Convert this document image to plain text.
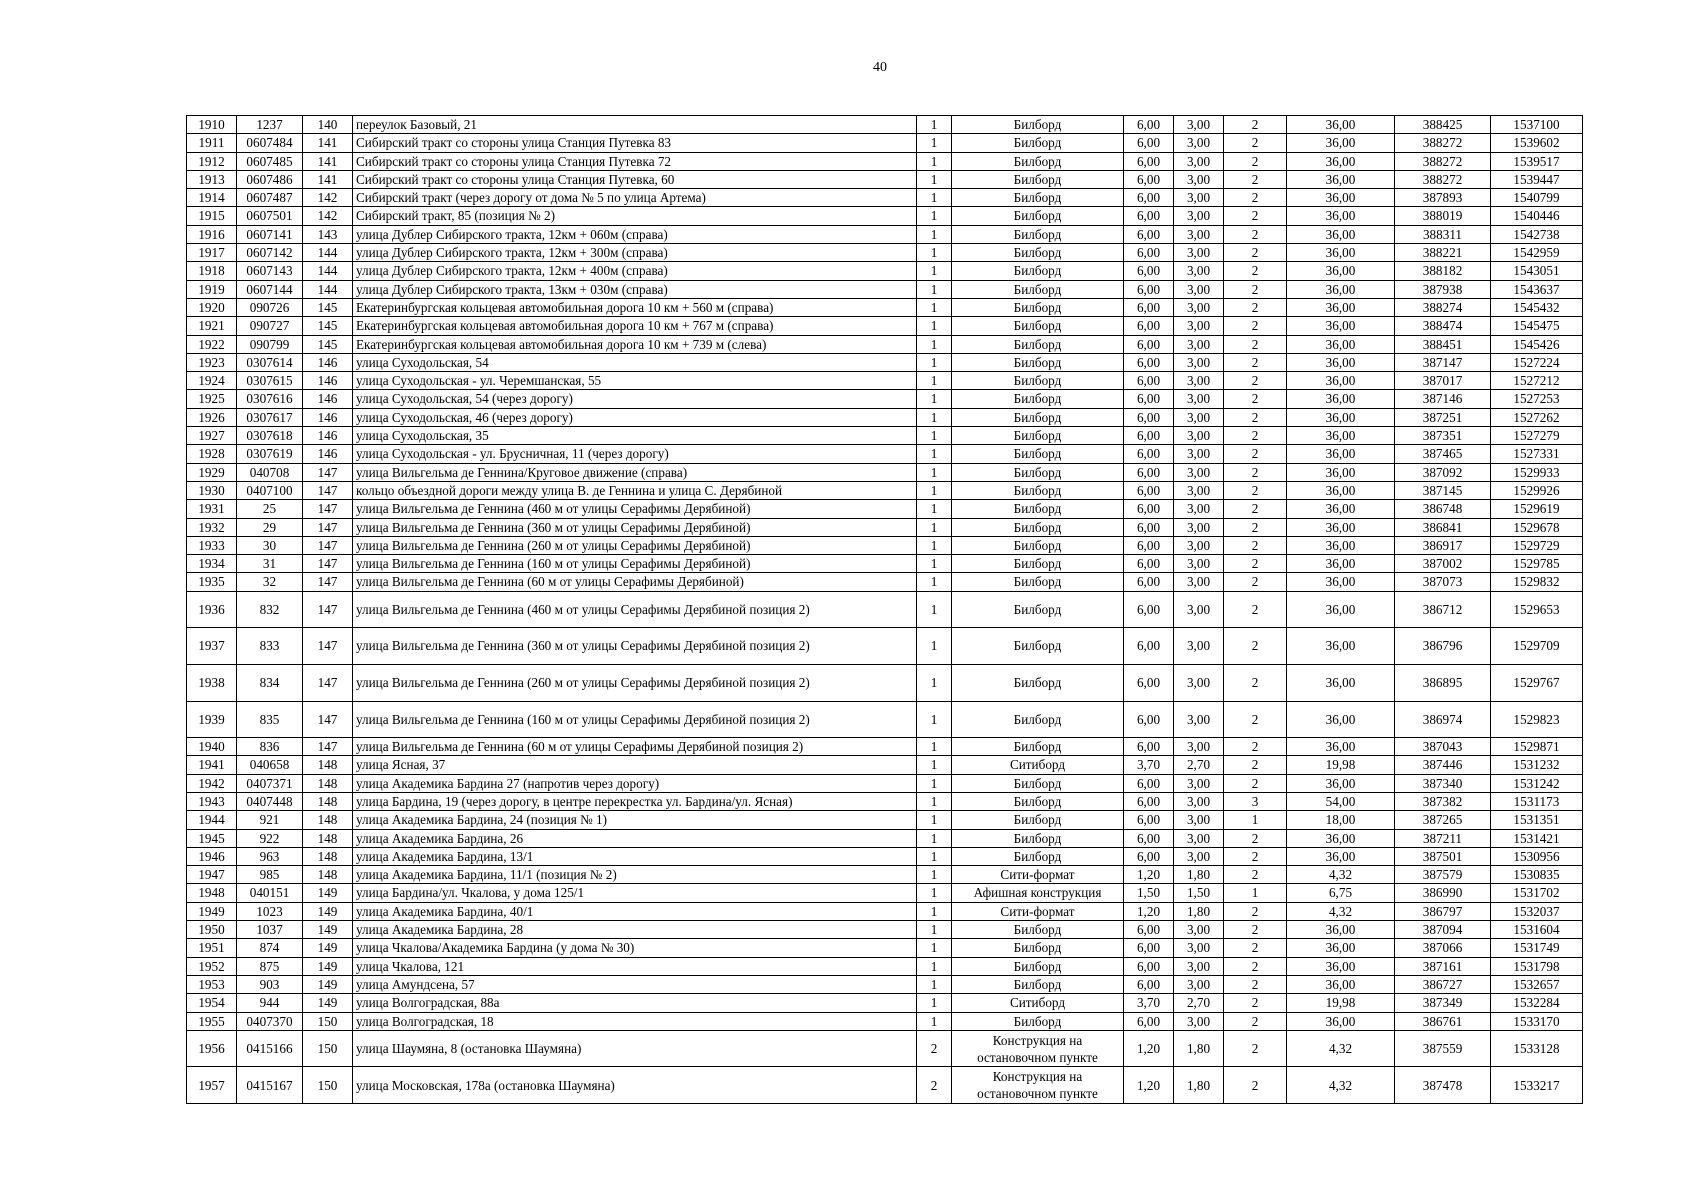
40
1910	1237	140	переулок Базовый, 21	1	Билборд	6,00	3,00	2	36,00	388425	1537100
1911	0607484	141	Сибирский тракт со стороны улица Станция Путевка 83	1	Билборд	6,00	3,00	2	36,00	388272	1539602
1912	0607485	141	Сибирский тракт со стороны улица Станция Путевка 72	1	Билборд	6,00	3,00	2	36,00	388272	1539517
1913	0607486	141	Сибирский тракт со стороны улица Станция Путевка, 60	1	Билборд	6,00	3,00	2	36,00	388272	1539447
1914	0607487	142	Сибирский тракт (через дорогу от дома № 5 по улица Артема)	1	Билборд	6,00	3,00	2	36,00	387893	1540799
1915	0607501	142	Сибирский тракт, 85 (позиция № 2)	1	Билборд	6,00	3,00	2	36,00	388019	1540446
1916	0607141	143	улица Дублер Сибирского тракта, 12км + 060м (справа)	1	Билборд	6,00	3,00	2	36,00	388311	1542738
1917	0607142	144	улица Дублер Сибирского тракта, 12км + 300м (справа)	1	Билборд	6,00	3,00	2	36,00	388221	1542959
1918	0607143	144	улица Дублер Сибирского тракта, 12км + 400м (справа)	1	Билборд	6,00	3,00	2	36,00	388182	1543051
1919	0607144	144	улица Дублер Сибирского тракта, 13км + 030м (справа)	1	Билборд	6,00	3,00	2	36,00	387938	1543637
1920	090726	145	Екатеринбургская кольцевая автомобильная дорога 10 км + 560 м (справа)	1	Билборд	6,00	3,00	2	36,00	388274	1545432
1921	090727	145	Екатеринбургская кольцевая автомобильная дорога 10 км + 767 м (справа)	1	Билборд	6,00	3,00	2	36,00	388474	1545475
1922	090799	145	Екатеринбургская кольцевая автомобильная дорога 10 км + 739 м (слева)	1	Билборд	6,00	3,00	2	36,00	388451	1545426
1923	0307614	146	улица Суходольская, 54	1	Билборд	6,00	3,00	2	36,00	387147	1527224
1924	0307615	146	улица Суходольская - ул. Черемшанская, 55	1	Билборд	6,00	3,00	2	36,00	387017	1527212
1925	0307616	146	улица Суходольская, 54 (через дорогу)	1	Билборд	6,00	3,00	2	36,00	387146	1527253
1926	0307617	146	улица Суходольская, 46 (через дорогу)	1	Билборд	6,00	3,00	2	36,00	387251	1527262
1927	0307618	146	улица Суходольская, 35	1	Билборд	6,00	3,00	2	36,00	387351	1527279
1928	0307619	146	улица Суходольская - ул. Брусничная, 11 (через дорогу)	1	Билборд	6,00	3,00	2	36,00	387465	1527331
1929	040708	147	улица Вильгельма де Геннина/Круговое движение (справа)	1	Билборд	6,00	3,00	2	36,00	387092	1529933
1930	0407100	147	кольцо объездной дороги между улица В. де Геннина и улица С. Дерябиной	1	Билборд	6,00	3,00	2	36,00	387145	1529926
1931	25	147	улица Вильгельма де Геннина (460 м от улицы Серафимы Дерябиной)	1	Билборд	6,00	3,00	2	36,00	386748	1529619
1932	29	147	улица Вильгельма де Геннина (360 м от улицы Серафимы Дерябиной)	1	Билборд	6,00	3,00	2	36,00	386841	1529678
1933	30	147	улица Вильгельма де Геннина (260 м от улицы Серафимы Дерябиной)	1	Билборд	6,00	3,00	2	36,00	386917	1529729
1934	31	147	улица Вильгельма де Геннина (160 м от улицы Серафимы Дерябиной)	1	Билборд	6,00	3,00	2	36,00	387002	1529785
1935	32	147	улица Вильгельма де Геннина (60 м от улицы Серафимы Дерябиной)	1	Билборд	6,00	3,00	2	36,00	387073	1529832
1936	832	147	улица Вильгельма де Геннина (460 м от улицы Серафимы Дерябиной позиция 2)	1	Билборд	6,00	3,00	2	36,00	386712	1529653
1937	833	147	улица Вильгельма де Геннина (360 м от улицы Серафимы Дерябиной позиция 2)	1	Билборд	6,00	3,00	2	36,00	386796	1529709
1938	834	147	улица Вильгельма де Геннина (260 м от улицы Серафимы Дерябиной позиция 2)	1	Билборд	6,00	3,00	2	36,00	386895	1529767
1939	835	147	улица Вильгельма де Геннина (160 м от улицы Серафимы Дерябиной позиция 2)	1	Билборд	6,00	3,00	2	36,00	386974	1529823
1940	836	147	улица Вильгельма де Геннина (60 м от улицы Серафимы Дерябиной позиция 2)	1	Билборд	6,00	3,00	2	36,00	387043	1529871
1941	040658	148	улица Ясная, 37	1	Ситиборд	3,70	2,70	2	19,98	387446	1531232
1942	0407371	148	улица Академика Бардина 27 (напротив через дорогу)	1	Билборд	6,00	3,00	2	36,00	387340	1531242
1943	0407448	148	улица Бардина, 19 (через дорогу, в центре перекрестка ул. Бардина/ул. Ясная)	1	Билборд	6,00	3,00	3	54,00	387382	1531173
1944	921	148	улица Академика Бардина, 24 (позиция № 1)	1	Билборд	6,00	3,00	1	18,00	387265	1531351
1945	922	148	улица Академика Бардина, 26	1	Билборд	6,00	3,00	2	36,00	387211	1531421
1946	963	148	улица Академика Бардина, 13/1	1	Билборд	6,00	3,00	2	36,00	387501	1530956
1947	985	148	улица Академика Бардина, 11/1 (позиция № 2)	1	Сити-формат	1,20	1,80	2	4,32	387579	1530835
1948	040151	149	улица Бардина/ул. Чкалова, у дома 125/1	1	Афишная конструкция	1,50	1,50	1	6,75	386990	1531702
1949	1023	149	улица Академика Бардина, 40/1	1	Сити-формат	1,20	1,80	2	4,32	386797	1532037
1950	1037	149	улица Академика Бардина, 28	1	Билборд	6,00	3,00	2	36,00	387094	1531604
1951	874	149	улица Чкалова/Академика Бардина (у дома № 30)	1	Билборд	6,00	3,00	2	36,00	387066	1531749
1952	875	149	улица Чкалова, 121	1	Билборд	6,00	3,00	2	36,00	387161	1531798
1953	903	149	улица Амундсена, 57	1	Билборд	6,00	3,00	2	36,00	386727	1532657
1954	944	149	улица Волгоградская, 88а	1	Ситиборд	3,70	2,70	2	19,98	387349	1532284
1955	0407370	150	улица Волгоградская, 18	1	Билборд	6,00	3,00	2	36,00	386761	1533170
1956	0415166	150	улица Шаумяна, 8 (остановка Шаумяна)	2	Конструкция на остановочном пункте	1,20	1,80	2	4,32	387559	1533128
1957	0415167	150	улица Московская, 178а (остановка Шаумяна)	2	Конструкция на остановочном пункте	1,20	1,80	2	4,32	387478	1533217
